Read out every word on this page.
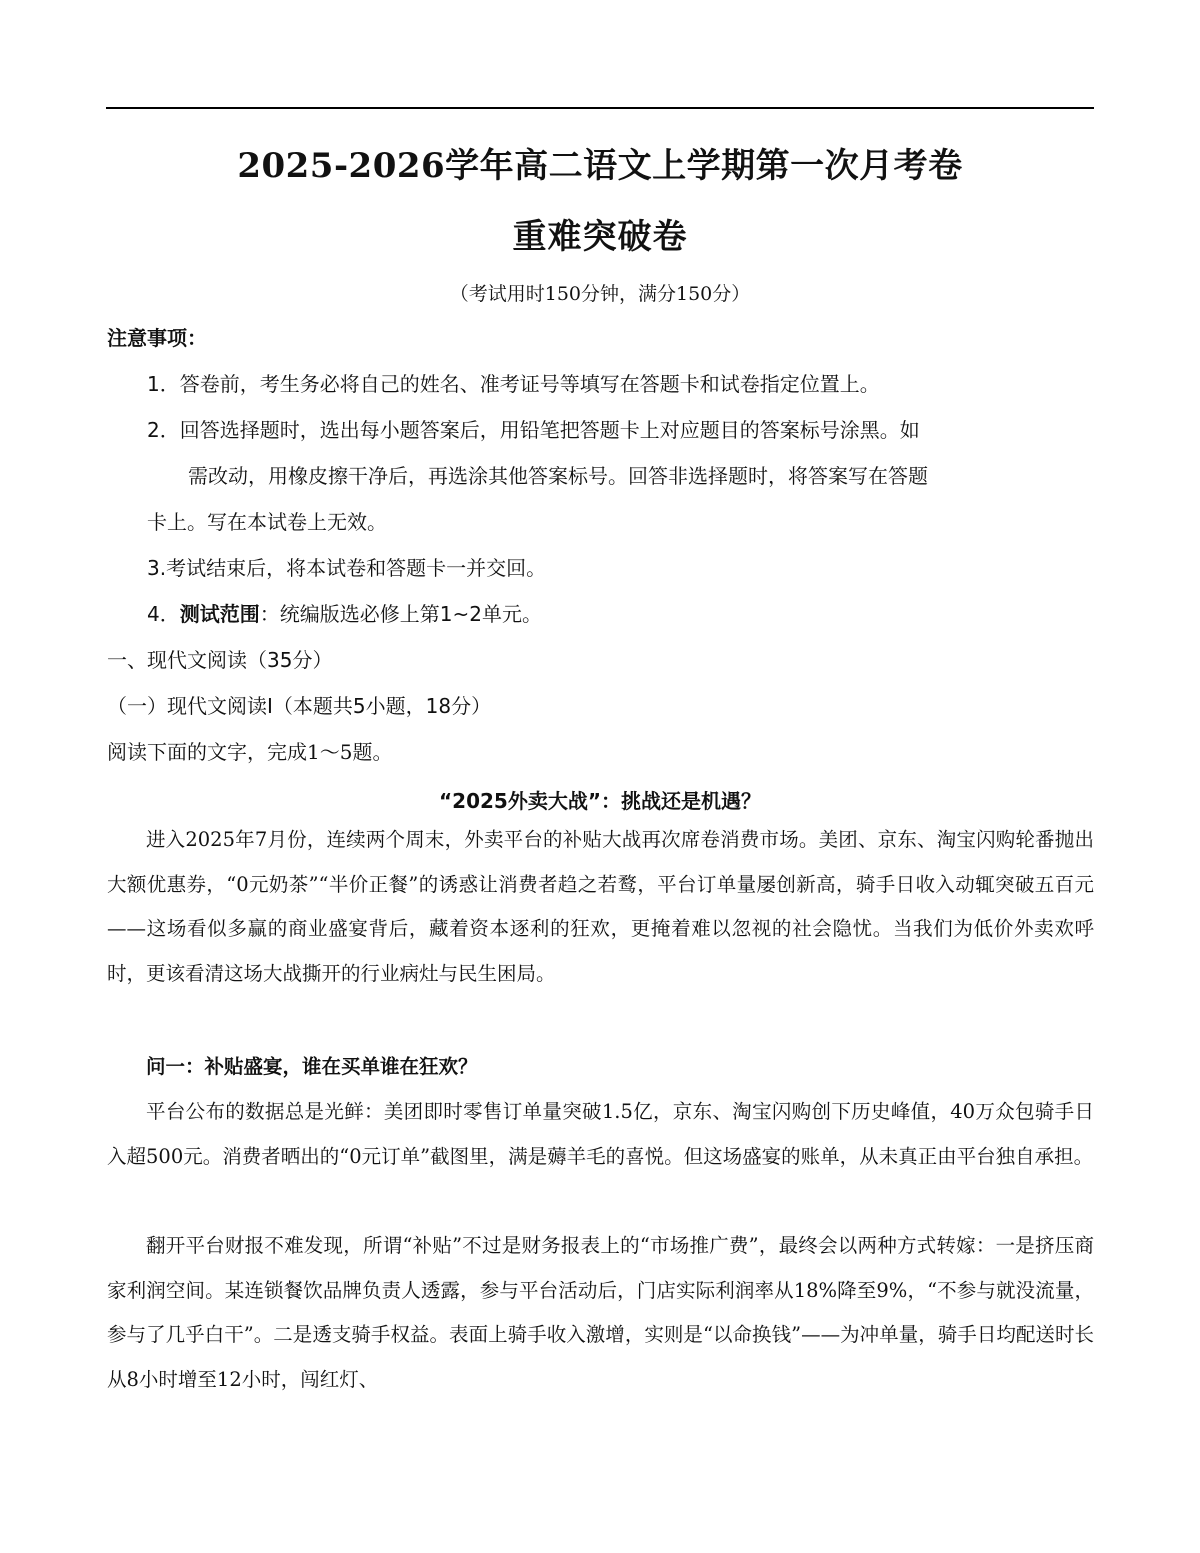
2025-2026学年高二语文上学期第一次月考卷
重难突破卷
（考试用时150分钟，满分150分）
注意事项：
1．答卷前，考生务必将自己的姓名、准考证号等填写在答题卡和试卷指定位置上。
2．回答选择题时，选出每小题答案后，用铅笔把答题卡上对应题目的答案标号涂黑。如
需改动，用橡皮擦干净后，再选涂其他答案标号。回答非选择题时，将答案写在答题
卡上。写在本试卷上无效。
3.考试结束后，将本试卷和答题卡一并交回。
4．测试范围：统编版选必修上第1~2单元。
一、现代文阅读（35分）
（一）现代文阅读Ⅰ（本题共5小题，18分）
阅读下面的文字，完成1～5题。
“2025外卖大战”：挑战还是机遇？

进入2025年7月份，连续两个周末，外卖平台的补贴大战再次席卷消费市场。美团、京东、淘宝闪购轮番抛出大额优惠券，“0元奶茶”“半价正餐”的诱惑让消费者趋之若鹜，平台订单量屡创新高，骑手日收入动辄突破五百元——这场看似多赢的商业盛宴背后，藏着资本逐利的狂欢，更掩着难以忽视的社会隐忧。当我们为低价外卖欢呼时，更该看清这场大战撕开的行业病灶与民生困局。

问一：补贴盛宴，谁在买单谁在狂欢？

平台公布的数据总是光鲜：美团即时零售订单量突破1.5亿，京东、淘宝闪购创下历史峰值，40万众包骑手日入超500元。消费者晒出的“0元订单”截图里，满是薅羊毛的喜悦。但这场盛宴的账单，从未真正由平台独自承担。

翻开平台财报不难发现，所谓“补贴”不过是财务报表上的“市场推广费”，最终会以两种方式转嫁：一是挤压商家利润空间。某连锁餐饮品牌负责人透露，参与平台活动后，门店实际利润率从18%降至9%，“不参与就没流量，参与了几乎白干”。二是透支骑手权益。表面上骑手收入激增，实则是“以命换钱”——为冲单量，骑手日均配送时长从8小时增至12小时，闯红灯、
